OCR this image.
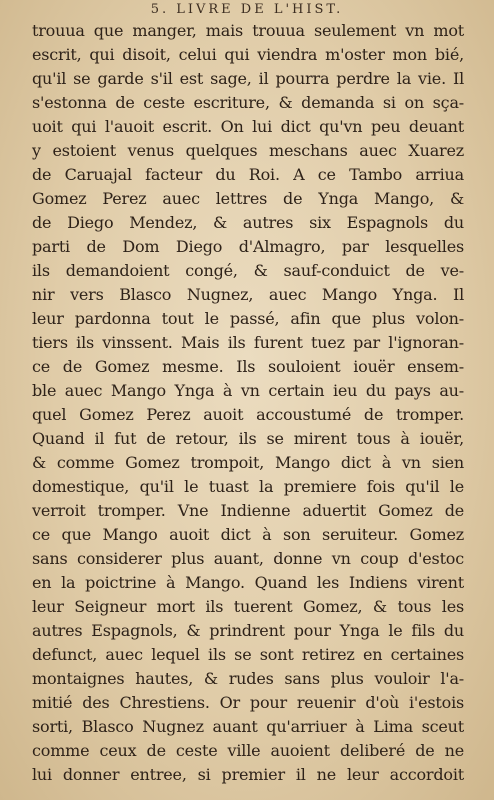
5. LIVRE DE L'HIST.
trouua que manger, mais trouua seulement vn mot
escrit, qui disoit, celui qui viendra m'oster mon bié,
qu'il se garde s'il est sage, il pourra perdre la vie. Il
s'estonna de ceste escriture, & demanda si on sça-
uoit qui l'auoit escrit. On lui dict qu'vn peu deuant
y estoient venus quelques meschans auec Xuarez
de Caruajal facteur du Roi. A ce Tambo arriua
Gomez Perez auec lettres de Ynga Mango, &
de Diego Mendez, & autres six Espagnols du
parti de Dom Diego d'Almagro, par lesquelles
ils demandoient congé, & sauf-conduict de ve-
nir vers Blasco Nugnez, auec Mango Ynga. Il
leur pardonna tout le passé, afin que plus volon-
tiers ils vinssent. Mais ils furent tuez par l'ignoran-
ce de Gomez mesme. Ils souloient iouër ensem-
ble auec Mango Ynga à vn certain ieu du pays au-
quel Gomez Perez auoit accoustumé de tromper.
Quand il fut de retour, ils se mirent tous à iouër,
& comme Gomez trompoit, Mango dict à vn sien
domestique, qu'il le tuast la premiere fois qu'il le
verroit tromper. Vne Indienne aduertit Gomez de
ce que Mango auoit dict à son seruiteur. Gomez
sans considerer plus auant, donne vn coup d'estoc
en la poictrine à Mango. Quand les Indiens virent
leur Seigneur mort ils tuerent Gomez, & tous les
autres Espagnols, & prindrent pour Ynga le fils du
defunct, auec lequel ils se sont retirez en certaines
montaignes hautes, & rudes sans plus vouloir l'a-
mitié des Chrestiens. Or pour reuenir d'où i'estois
sorti, Blasco Nugnez auant qu'arriuer à Lima sceut
comme ceux de ceste ville auoient deliberé de ne
lui donner entree, si premier il ne leur accordoit
